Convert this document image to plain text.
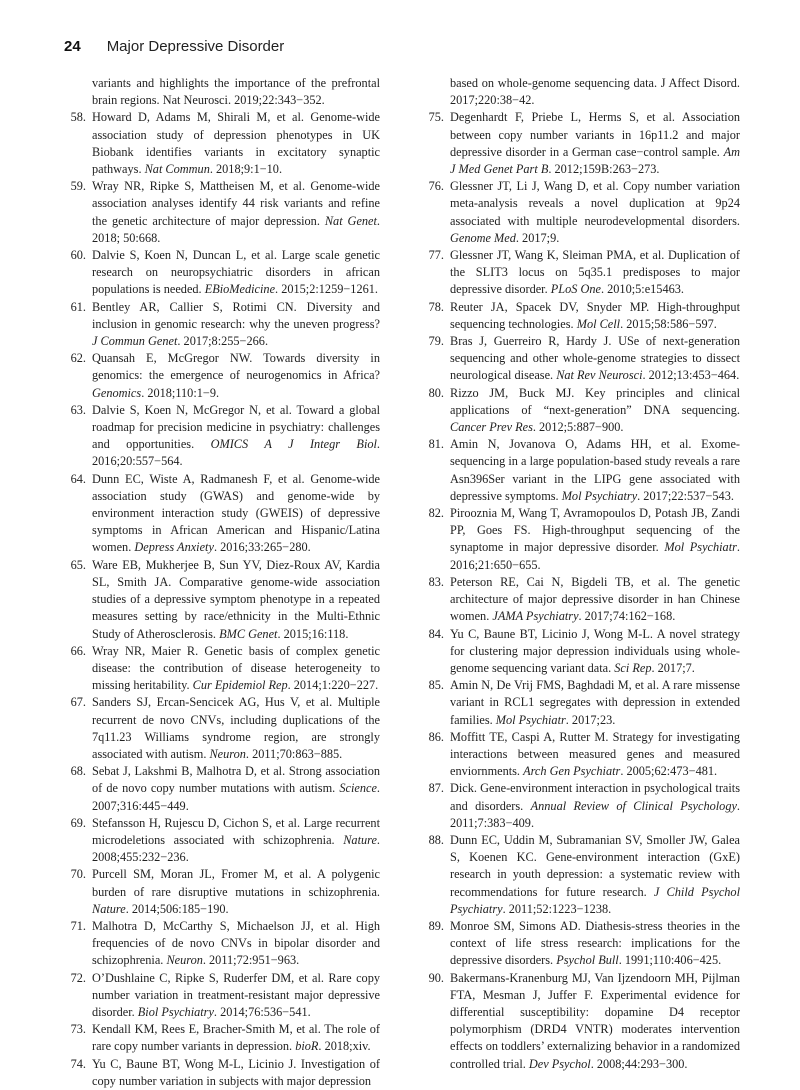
24 Major Depressive Disorder
variants and highlights the importance of the prefrontal brain regions. Nat Neurosci. 2019;22:343−352.
58. Howard D, Adams M, Shirali M, et al. Genome-wide association study of depression phenotypes in UK Biobank identifies variants in excitatory synaptic pathways. Nat Commun. 2018;9:1−10.
59. Wray NR, Ripke S, Mattheisen M, et al. Genome-wide association analyses identify 44 risk variants and refine the genetic architecture of major depression. Nat Genet. 2018; 50:668.
60. Dalvie S, Koen N, Duncan L, et al. Large scale genetic research on neuropsychiatric disorders in african populations is needed. EBioMedicine. 2015;2:1259−1261.
61. Bentley AR, Callier S, Rotimi CN. Diversity and inclusion in genomic research: why the uneven progress? J Commun Genet. 2017;8:255−266.
62. Quansah E, McGregor NW. Towards diversity in genomics: the emergence of neurogenomics in Africa? Genomics. 2018;110:1−9.
63. Dalvie S, Koen N, McGregor N, et al. Toward a global roadmap for precision medicine in psychiatry: challenges and opportunities. OMICS A J Integr Biol. 2016;20:557−564.
64. Dunn EC, Wiste A, Radmanesh F, et al. Genome-wide association study (GWAS) and genome-wide by environment interaction study (GWEIS) of depressive symptoms in African American and Hispanic/Latina women. Depress Anxiety. 2016;33:265−280.
65. Ware EB, Mukherjee B, Sun YV, Diez-Roux AV, Kardia SL, Smith JA. Comparative genome-wide association studies of a depressive symptom phenotype in a repeated measures setting by race/ethnicity in the Multi-Ethnic Study of Atherosclerosis. BMC Genet. 2015;16:118.
66. Wray NR, Maier R. Genetic basis of complex genetic disease: the contribution of disease heterogeneity to missing heritability. Cur Epidemiol Rep. 2014;1:220−227.
67. Sanders SJ, Ercan-Sencicek AG, Hus V, et al. Multiple recurrent de novo CNVs, including duplications of the 7q11.23 Williams syndrome region, are strongly associated with autism. Neuron. 2011;70:863−885.
68. Sebat J, Lakshmi B, Malhotra D, et al. Strong association of de novo copy number mutations with autism. Science. 2007;316:445−449.
69. Stefansson H, Rujescu D, Cichon S, et al. Large recurrent microdeletions associated with schizophrenia. Nature. 2008;455:232−236.
70. Purcell SM, Moran JL, Fromer M, et al. A polygenic burden of rare disruptive mutations in schizophrenia. Nature. 2014;506:185−190.
71. Malhotra D, McCarthy S, Michaelson JJ, et al. High frequencies of de novo CNVs in bipolar disorder and schizophrenia. Neuron. 2011;72:951−963.
72. O’Dushlaine C, Ripke S, Ruderfer DM, et al. Rare copy number variation in treatment-resistant major depressive disorder. Biol Psychiatry. 2014;76:536−541.
73. Kendall KM, Rees E, Bracher-Smith M, et al. The role of rare copy number variants in depression. bioR. 2018;xiv.
74. Yu C, Baune BT, Wong M-L, Licinio J. Investigation of copy number variation in subjects with major depression
based on whole-genome sequencing data. J Affect Disord. 2017;220:38−42.
75. Degenhardt F, Priebe L, Herms S, et al. Association between copy number variants in 16p11.2 and major depressive disorder in a German case−control sample. Am J Med Genet Part B. 2012;159B:263−273.
76. Glessner JT, Li J, Wang D, et al. Copy number variation meta-analysis reveals a novel duplication at 9p24 associated with multiple neurodevelopmental disorders. Genome Med. 2017;9.
77. Glessner JT, Wang K, Sleiman PMA, et al. Duplication of the SLIT3 locus on 5q35.1 predisposes to major depressive disorder. PLoS One. 2010;5:e15463.
78. Reuter JA, Spacek DV, Snyder MP. High-throughput sequencing technologies. Mol Cell. 2015;58:586−597.
79. Bras J, Guerreiro R, Hardy J. USe of next-generation sequencing and other whole-genome strategies to dissect neurological disease. Nat Rev Neurosci. 2012;13:453−464.
80. Rizzo JM, Buck MJ. Key principles and clinical applications of “next-generation” DNA sequencing. Cancer Prev Res. 2012;5:887−900.
81. Amin N, Jovanova O, Adams HH, et al. Exome-sequencing in a large population-based study reveals a rare Asn396Ser variant in the LIPG gene associated with depressive symptoms. Mol Psychiatry. 2017;22:537−543.
82. Pirooznia M, Wang T, Avramopoulos D, Potash JB, Zandi PP, Goes FS. High-throughput sequencing of the synaptome in major depressive disorder. Mol Psychiatr. 2016;21:650−655.
83. Peterson RE, Cai N, Bigdeli TB, et al. The genetic architecture of major depressive disorder in han Chinese women. JAMA Psychiatry. 2017;74:162−168.
84. Yu C, Baune BT, Licinio J, Wong M-L. A novel strategy for clustering major depression individuals using whole-genome sequencing variant data. Sci Rep. 2017;7.
85. Amin N, De Vrij FMS, Baghdadi M, et al. A rare missense variant in RCL1 segregates with depression in extended families. Mol Psychiatr. 2017;23.
86. Moffitt TE, Caspi A, Rutter M. Strategy for investigating interactions between measured genes and measured enviornments. Arch Gen Psychiatr. 2005;62:473−481.
87. Dick. Gene-environment interaction in psychological traits and disorders. Annual Review of Clinical Psychology. 2011;7:383−409.
88. Dunn EC, Uddin M, Subramanian SV, Smoller JW, Galea S, Koenen KC. Gene-environment interaction (GxE) research in youth depression: a systematic review with recommendations for future research. J Child Psychol Psychiatry. 2011;52:1223−1238.
89. Monroe SM, Simons AD. Diathesis-stress theories in the context of life stress research: implications for the depressive disorders. Psychol Bull. 1991;110:406−425.
90. Bakermans-Kranenburg MJ, Van Ijzendoorn MH, Pijlman FTA, Mesman J, Juffer F. Experimental evidence for differential susceptibility: dopamine D4 receptor polymorphism (DRD4 VNTR) moderates intervention effects on toddlers’ externalizing behavior in a randomized controlled trial. Dev Psychol. 2008;44:293−300.
